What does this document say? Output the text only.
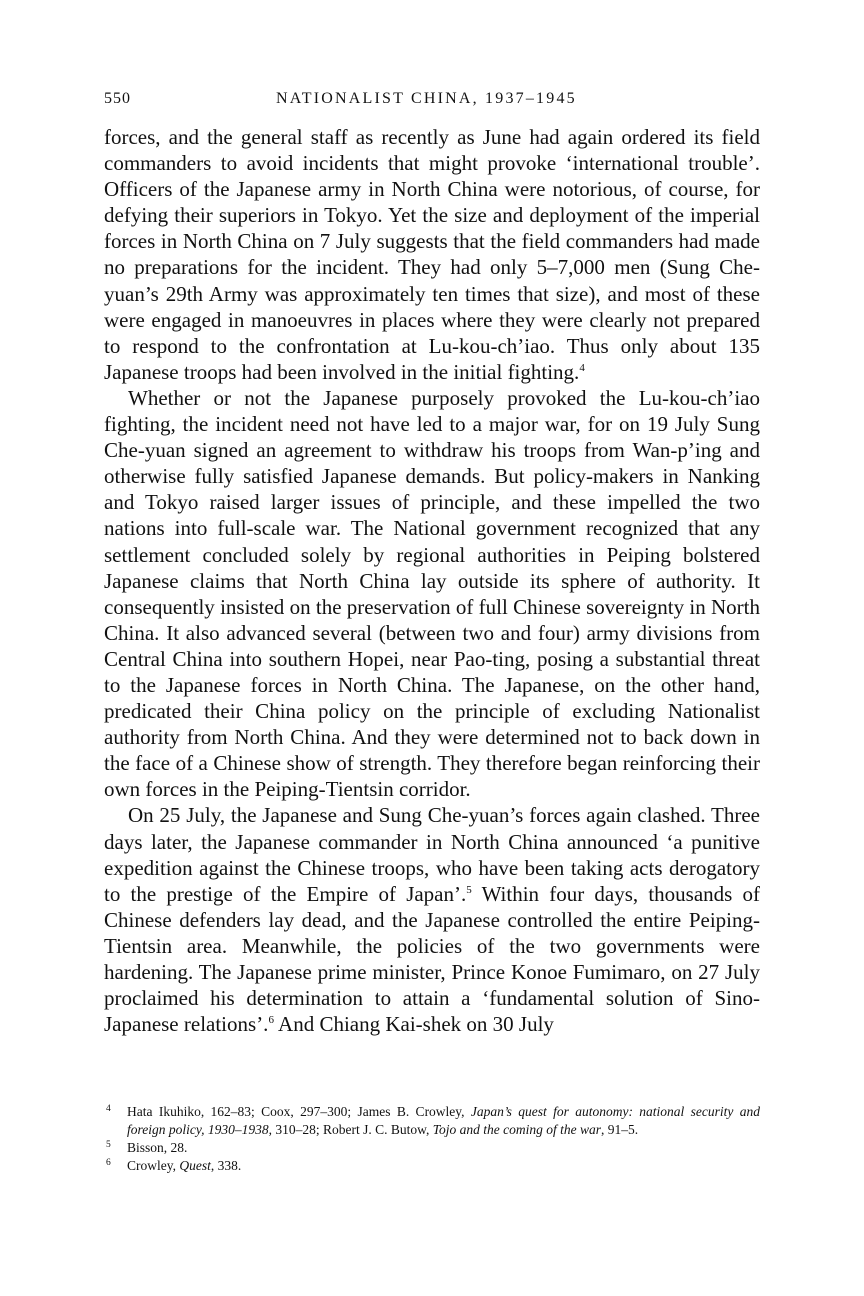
550	NATIONALIST CHINA, 1937–1945

forces, and the general staff as recently as June had again ordered its field commanders to avoid incidents that might provoke ‘international trouble’. Officers of the Japanese army in North China were notorious, of course, for defying their superiors in Tokyo. Yet the size and deployment of the imperial forces in North China on 7 July suggests that the field commanders had made no preparations for the incident. They had only 5–7,000 men (Sung Che-yuan’s 29th Army was approximately ten times that size), and most of these were engaged in manoeuvres in places where they were clearly not prepared to respond to the confrontation at Lu-kou-ch’iao. Thus only about 135 Japanese troops had been involved in the initial fighting.$^4$

Whether or not the Japanese purposely provoked the Lu-kou-ch’iao fighting, the incident need not have led to a major war, for on 19 July Sung Che-yuan signed an agreement to withdraw his troops from Wan-p’ing and otherwise fully satisfied Japanese demands. But policy-makers in Nanking and Tokyo raised larger issues of principle, and these impelled the two nations into full-scale war. The National government recognized that any settlement concluded solely by regional authorities in Peiping bolstered Japanese claims that North China lay outside its sphere of authority. It consequently insisted on the preservation of full Chinese sovereignty in North China. It also advanced several (between two and four) army divisions from Central China into southern Hopei, near Pao-ting, posing a substantial threat to the Japanese forces in North China. The Japanese, on the other hand, predicated their China policy on the principle of excluding Nationalist authority from North China. And they were determined not to back down in the face of a Chinese show of strength. They therefore began reinforcing their own forces in the Peiping-Tientsin corridor.

On 25 July, the Japanese and Sung Che-yuan’s forces again clashed. Three days later, the Japanese commander in North China announced ‘a punitive expedition against the Chinese troops, who have been taking acts derogatory to the prestige of the Empire of Japan’.$^5$ Within four days, thousands of Chinese defenders lay dead, and the Japanese controlled the entire Peiping-Tientsin area. Meanwhile, the policies of the two governments were hardening. The Japanese prime minister, Prince Konoe Fumimaro, on 27 July proclaimed his determination to attain a ‘fundamental solution of Sino-Japanese relations’.$^6$ And Chiang Kai-shek on 30 July

4 Hata Ikuhiko, 162–83; Coox, 297–300; James B. Crowley, Japan’s quest for autonomy: national security and foreign policy, 1930–1938, 310–28; Robert J. C. Butow, Tojo and the coming of the war, 91–5.
5 Bisson, 28.
6 Crowley, Quest, 338.
